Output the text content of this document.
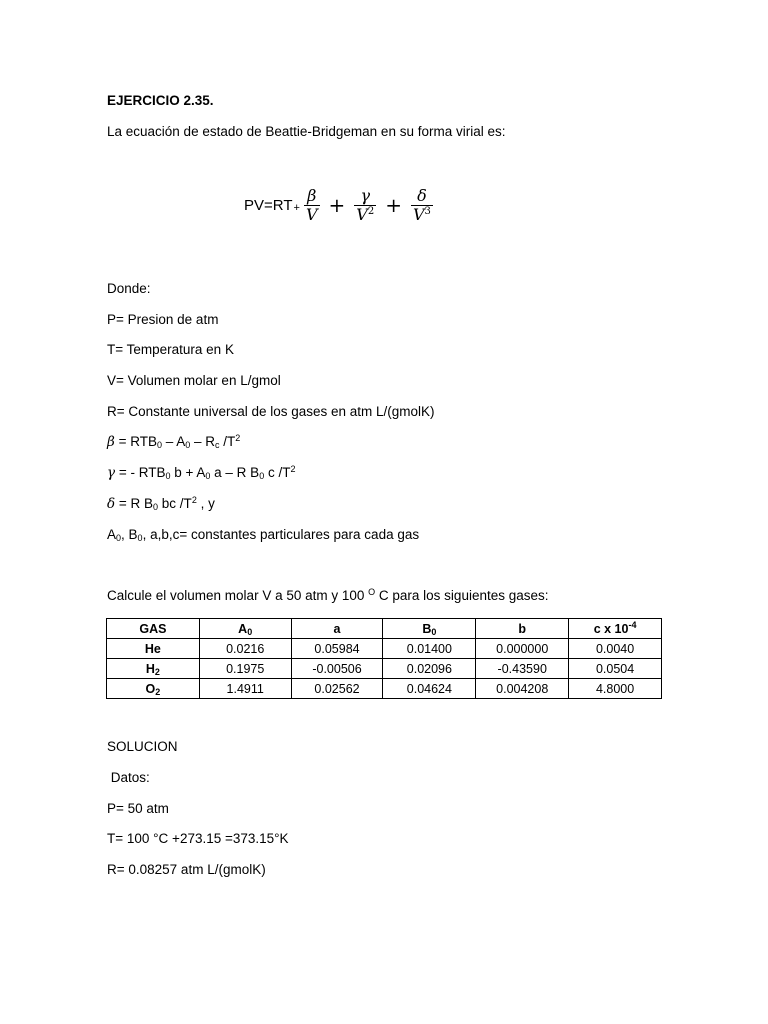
EJERCICIO 2.35.
La ecuación de estado de Beattie-Bridgeman en su forma virial es:
$PV=RT + \frac{\beta}{V} + \frac{\gamma}{V^2} + \frac{\delta}{V^3}$
Donde:
P= Presion de atm
T= Temperatura en K
V= Volumen molar en L/gmol
R= Constante universal de los gases en atm L/(gmolK)
$\beta = RTB_0 - A_0 - R_c$ $/T^2$
γ = - $RTB_0$ $b + A_0$ a – R $B_0$ c $/T^2$
δ = R $B_0$ bc $/T^2$ , y
$A_0$, $B_0$, a,b,c= constantes particulares para cada gas
Calcule el volumen molar V a 50 atm y 100 $^O$ C para los siguientes gases:
GAS	$A_0$	a	$B_0$	b	c x $10^{-4}$
He	0.0216	0.05984	0.01400	0.000000	0.0040
$H_2$	0.1975	-0.00506	0.02096	-0.43590	0.0504
$O_2$	1.4911	0.02562	0.04624	0.004208	4.8000
SOLUCION
Datos:
P= 50 atm
T= 100 °C +273.15 =373.15°K
R= 0.08257 atm L/(gmolK)
